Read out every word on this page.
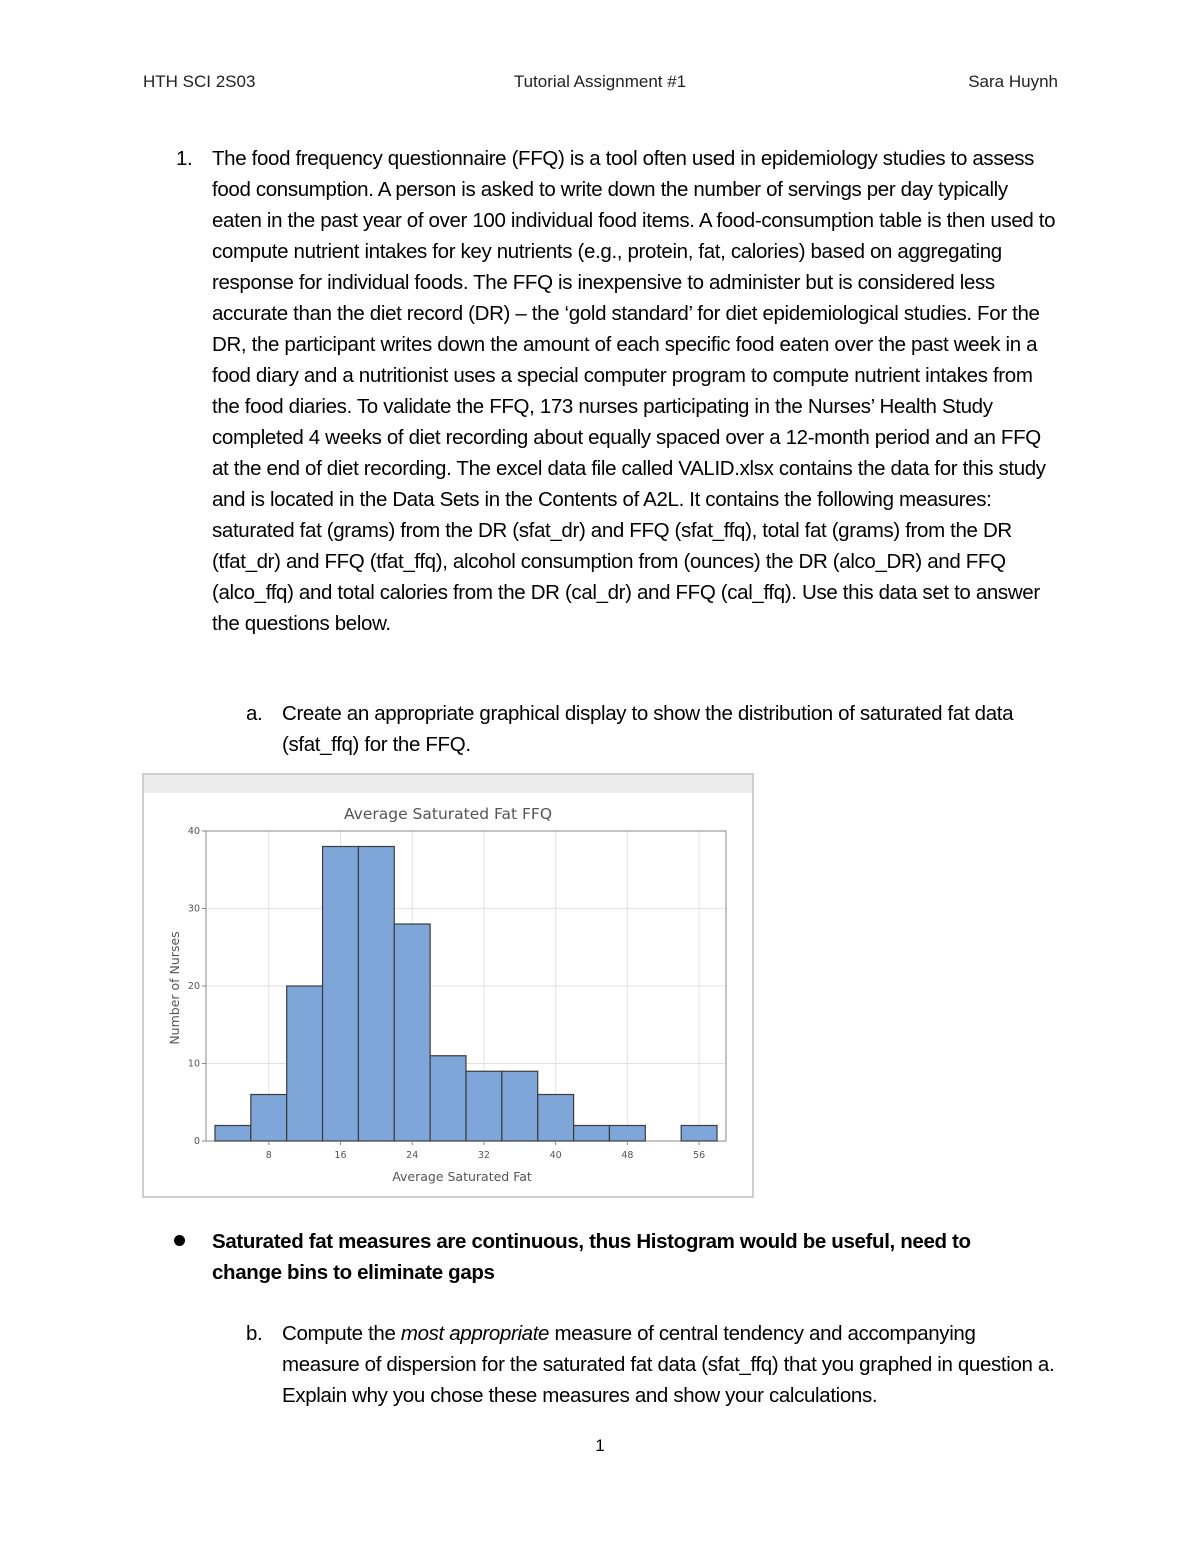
HTH SCI 2S03	Tutorial Assignment #1	Sara Huynh
1. The food frequency questionnaire (FFQ) is a tool often used in epidemiology studies to assess food consumption. A person is asked to write down the number of servings per day typically eaten in the past year of over 100 individual food items. A food-consumption table is then used to compute nutrient intakes for key nutrients (e.g., protein, fat, calories) based on aggregating response for individual foods. The FFQ is inexpensive to administer but is considered less accurate than the diet record (DR) – the ‘gold standard’ for diet epidemiological studies. For the DR, the participant writes down the amount of each specific food eaten over the past week in a food diary and a nutritionist uses a special computer program to compute nutrient intakes from the food diaries. To validate the FFQ, 173 nurses participating in the Nurses’ Health Study completed 4 weeks of diet recording about equally spaced over a 12-month period and an FFQ at the end of diet recording. The excel data file called VALID.xlsx contains the data for this study and is located in the Data Sets in the Contents of A2L. It contains the following measures: saturated fat (grams) from the DR (sfat_dr) and FFQ (sfat_ffq), total fat (grams) from the DR (tfat_dr) and FFQ (tfat_ffq), alcohol consumption from (ounces) the DR (alco_DR) and FFQ (alco_ffq) and total calories from the DR (cal_dr) and FFQ (cal_ffq). Use this data set to answer the questions below.
a. Create an appropriate graphical display to show the distribution of saturated fat data (sfat_ffq) for the FFQ.
8	16	24	32	40	48	56
0
10
20
30
40
Average Saturated Fat FFQ
Average Saturated Fat
Number of Nurses
Saturated fat measures are continuous, thus Histogram would be useful, need to change bins to eliminate gaps
b. Compute the most appropriate measure of central tendency and accompanying measure of dispersion for the saturated fat data (sfat_ffq) that you graphed in question a. Explain why you chose these measures and show your calculations.
1
